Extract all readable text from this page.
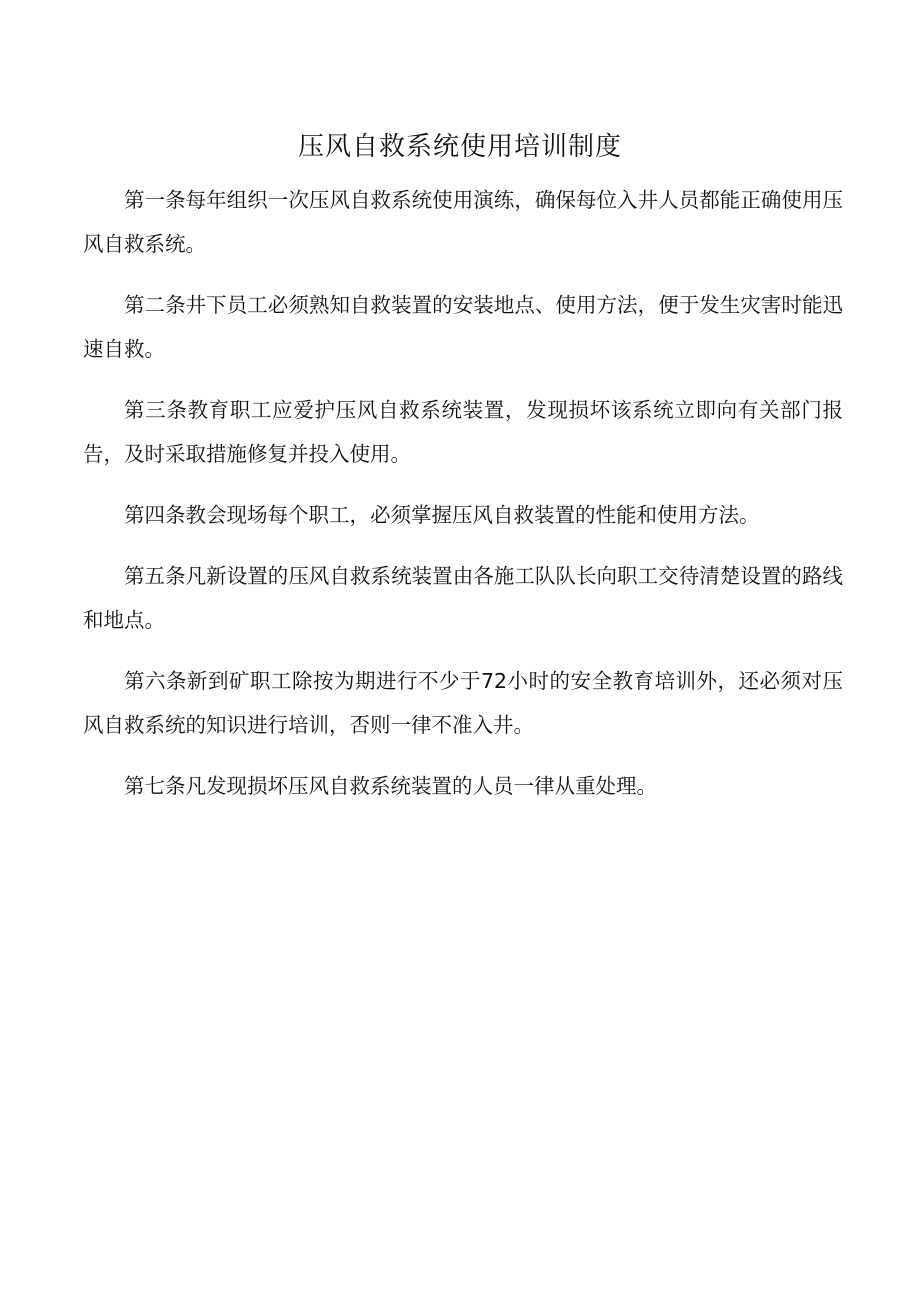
压风自救系统使用培训制度

第一条每年组织一次压风自救系统使用演练，确保每位入井人员都能正确使用压风自救系统。

第二条井下员工必须熟知自救装置的安装地点、使用方法，便于发生灾害时能迅速自救。

第三条教育职工应爱护压风自救系统装置，发现损坏该系统立即向有关部门报告，及时采取措施修复并投入使用。

第四条教会现场每个职工，必须掌握压风自救装置的性能和使用方法。

第五条凡新设置的压风自救系统装置由各施工队队长向职工交待清楚设置的路线和地点。

第六条新到矿职工除按为期进行不少于72小时的安全教育培训外，还必须对压风自救系统的知识进行培训，否则一律不准入井。

第七条凡发现损坏压风自救系统装置的人员一律从重处理。
